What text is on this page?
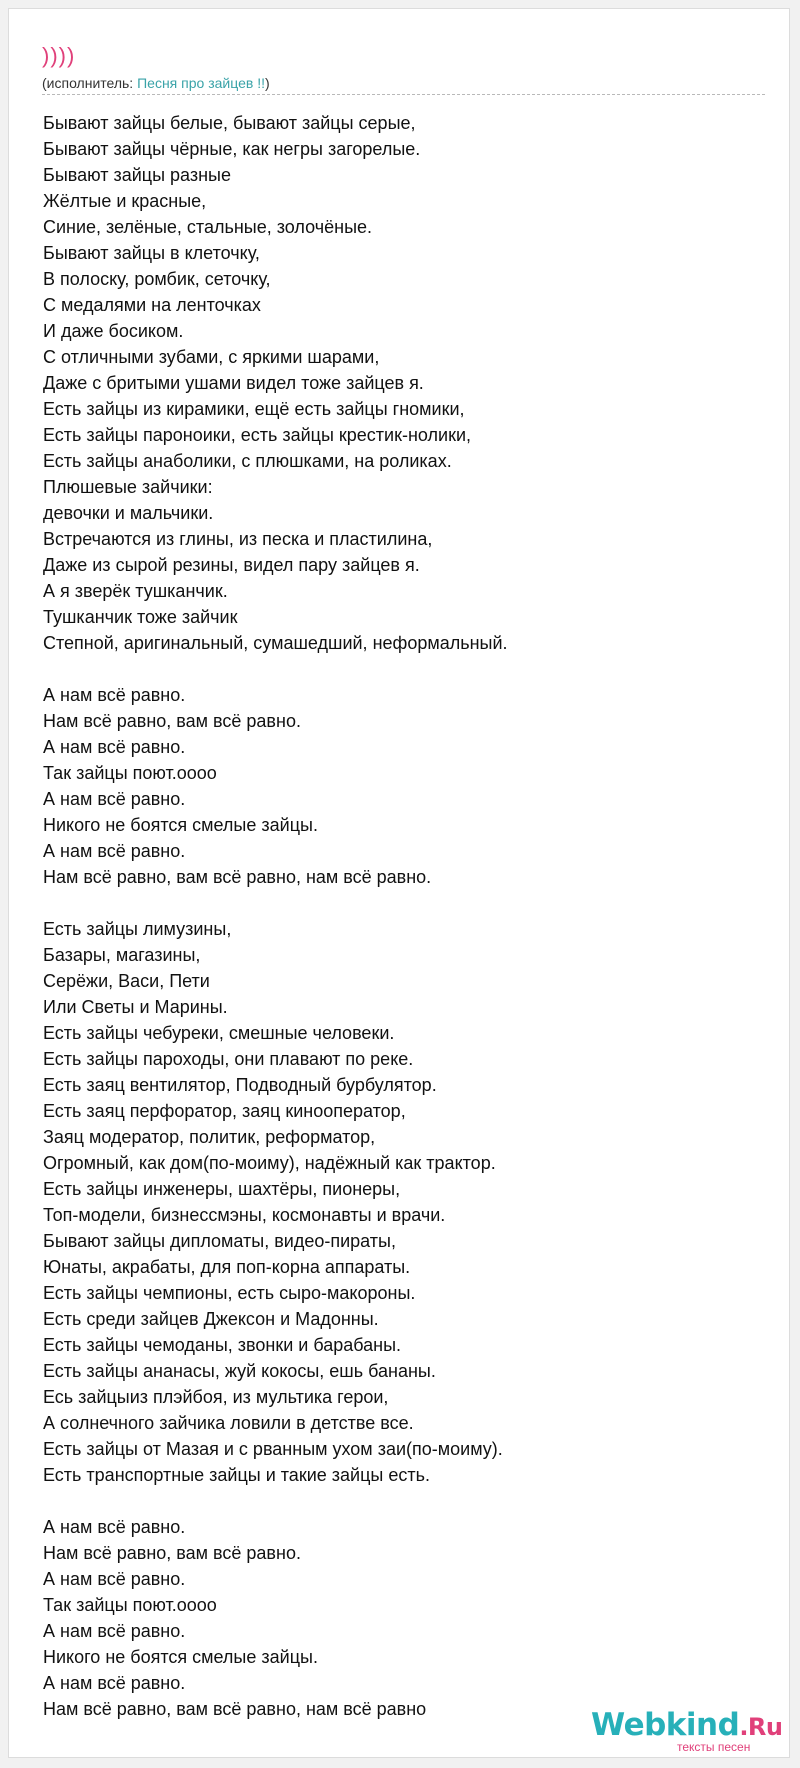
))))
(исполнитель: Песня про зайцев !!)
Бывают зайцы белые, бывают зайцы серые,
Бывают зайцы чёрные, как негры загорелые.
Бывают зайцы разные
Жёлтые и красные,
Синие, зелёные, стальные, золочёные.
Бывают зайцы в клеточку,
В полоску, ромбик, сеточку,
С медалями на ленточках
И даже босиком.
С отличными зубами, с яркими шарами,
Даже с бритыми ушами видел тоже зайцев я.
Есть зайцы из кирамики, ещё есть зайцы гномики,
Есть зайцы пароноики, есть зайцы крестик-нолики,
Есть зайцы анаболики, с плюшками, на роликах.
Плюшевые зайчики:
девочки и мальчики.
Встречаются из глины, из песка и пластилина,
Даже из сырой резины, видел пару зайцев я.
А я зверёк тушканчик.
Тушканчик тоже зайчик
Степной, аригинальный, сумашедший, неформальный.
А нам всё равно.
Нам всё равно, вам всё равно.
А нам всё равно.
Так зайцы поют.оооо
А нам всё равно.
Никого не боятся смелые зайцы.
А нам всё равно.
Нам всё равно, вам всё равно, нам всё равно.
Есть зайцы лимузины,
Базары, магазины,
Серёжи, Васи, Пети
Или Светы и Марины.
Есть зайцы чебуреки, смешные человеки.
Есть зайцы пароходы, они плавают по реке.
Есть заяц вентилятор, Подводный бурбулятор.
Есть заяц перфоратор, заяц кинооператор,
Заяц модератор, политик, реформатор,
Огромный, как дом(по-моиму), надёжный как трактор.
Есть зайцы инженеры, шахтёры, пионеры,
Топ-модели, бизнессмэны, космонавты и врачи.
Бывают зайцы дипломаты, видео-пираты,
Юнаты, акрабаты, для поп-корна аппараты.
Есть зайцы чемпионы, есть сыро-макороны.
Есть среди зайцев Джексон и Мадонны.
Есть зайцы чемоданы, звонки и барабаны.
Есть зайцы ананасы, жуй кокосы, ешь бананы.
Есь зайцыиз плэйбоя, из мультика герои,
А солнечного зайчика ловили в детстве все.
Есть зайцы от Мазая и с рванным ухом заи(по-моиму).
Есть транспортные зайцы и такие зайцы есть.
А нам всё равно.
Нам всё равно, вам всё равно.
А нам всё равно.
Так зайцы поют.оооо
А нам всё равно.
Никого не боятся смелые зайцы.
А нам всё равно.
Нам всё равно, вам всё равно, нам всё равно	Webkind.Ru
тексты песен
